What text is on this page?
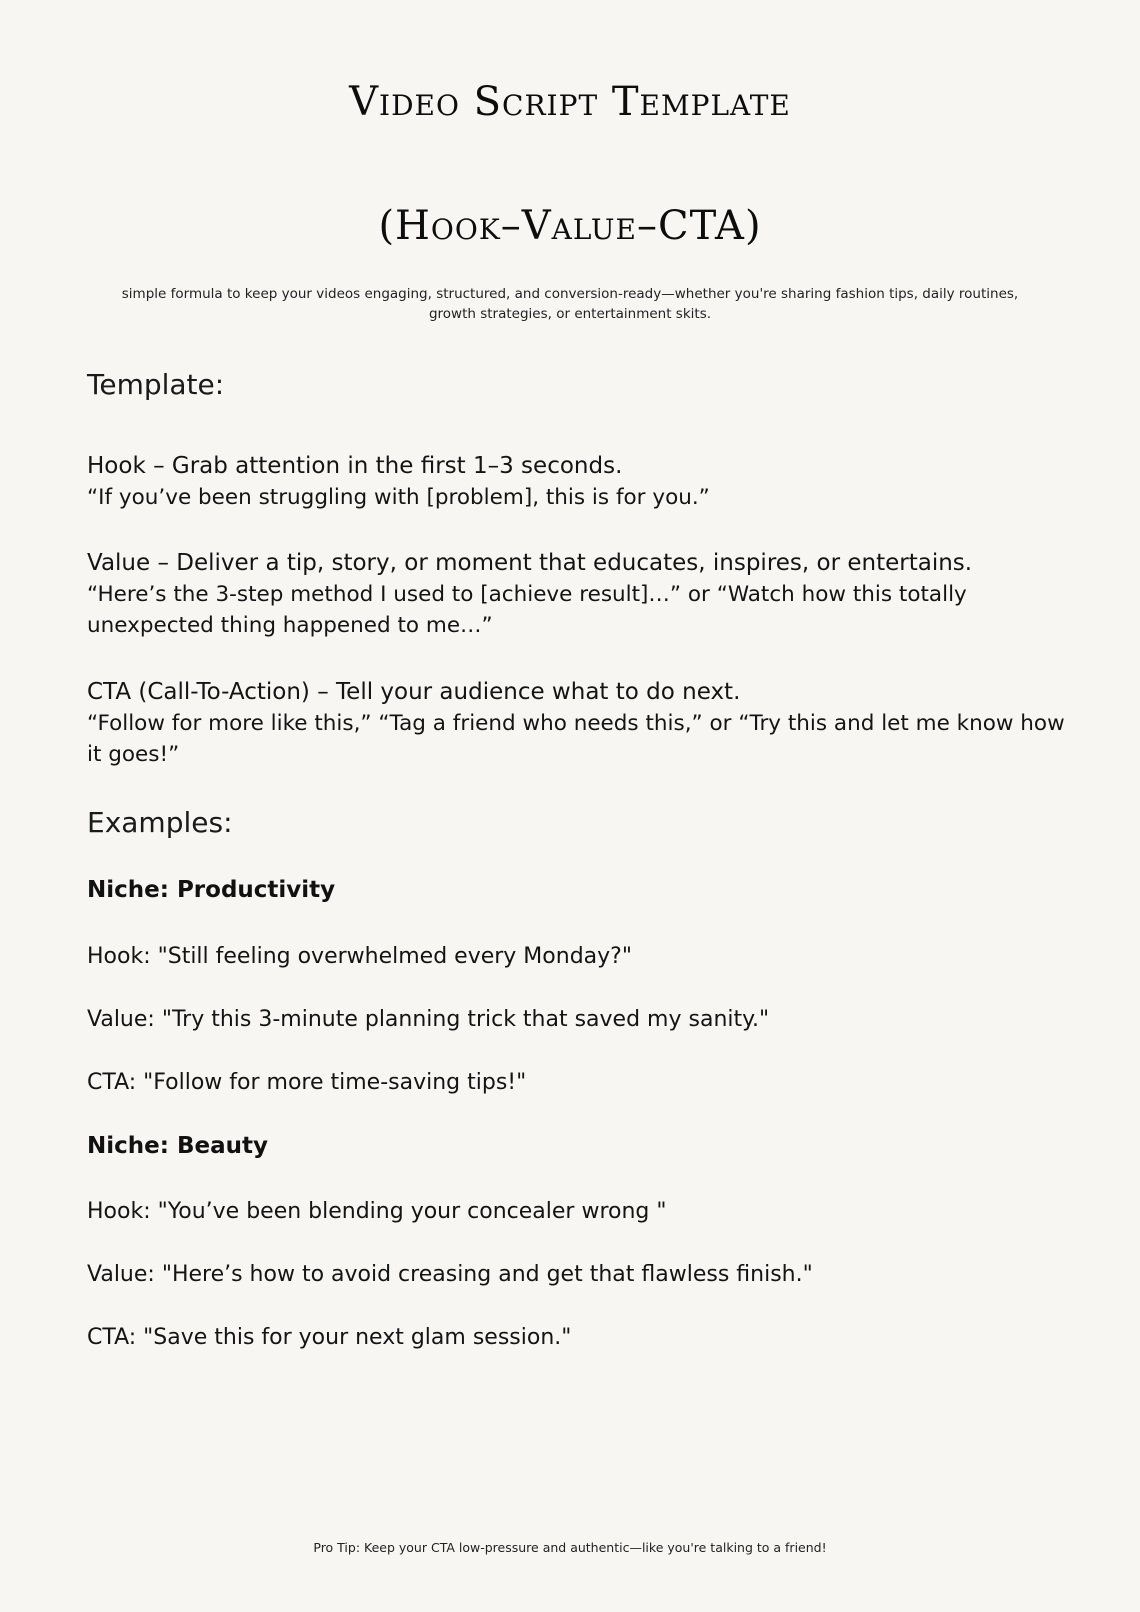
Video Script Template
(Hook–Value–CTA)
simple formula to keep your videos engaging, structured, and conversion-ready—whether you're sharing fashion tips, daily routines, growth strategies, or entertainment skits.
Template:
Hook – Grab attention in the first 1–3 seconds.
“If you’ve been struggling with [problem], this is for you.”
Value – Deliver a tip, story, or moment that educates, inspires, or entertains.
“Here’s the 3-step method I used to [achieve result]…” or “Watch how this totally unexpected thing happened to me…”
CTA (Call-To-Action) – Tell your audience what to do next.
“Follow for more like this,” “Tag a friend who needs this,” or “Try this and let me know how it goes!”
Examples:
Niche: Productivity
Hook: "Still feeling overwhelmed every Monday?"
Value: "Try this 3-minute planning trick that saved my sanity."
CTA: "Follow for more time-saving tips!"
Niche: Beauty
Hook: "You’ve been blending your concealer wrong "
Value: "Here’s how to avoid creasing and get that flawless finish."
CTA: "Save this for your next glam session."
Pro Tip: Keep your CTA low-pressure and authentic—like you're talking to a friend!
